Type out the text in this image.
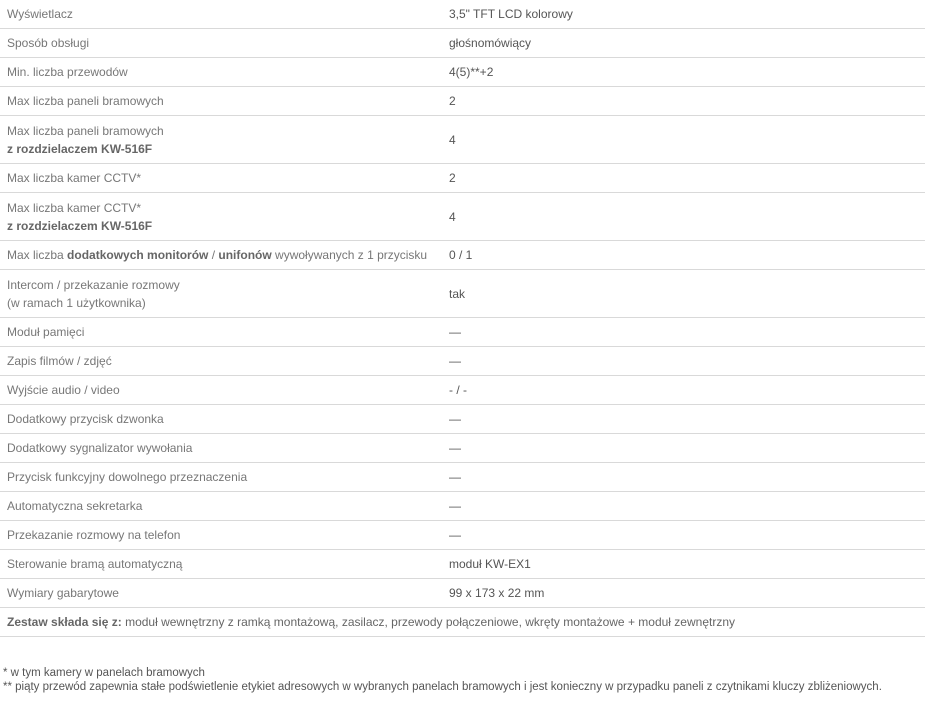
Wyświetlacz	3,5" TFT LCD kolorowy
Sposób obsługi	głośnomówiący
Min. liczba przewodów	4(5)**+2
Max liczba paneli bramowych	2
Max liczba paneli bramowych
z rozdzielaczem KW-516F	4
Max liczba kamer CCTV*	2
Max liczba kamer CCTV*
z rozdzielaczem KW-516F	4
Max liczba dodatkowych monitorów / unifonów wywoływanych z 1 przycisku	0 / 1
Intercom / przekazanie rozmowy
(w ramach 1 użytkownika)	tak
Moduł pamięci	—
Zapis filmów / zdjęć	—
Wyjście audio / video	- / -
Dodatkowy przycisk dzwonka	—
Dodatkowy sygnalizator wywołania	—
Przycisk funkcyjny dowolnego przeznaczenia	—
Automatyczna sekretarka	—
Przekazanie rozmowy na telefon	—
Sterowanie bramą automatyczną	moduł KW-EX1
Wymiary gabarytowe	99 x 173 x 22 mm
Zestaw składa się z: moduł wewnętrzny z ramką montażową, zasilacz, przewody połączeniowe, wkręty montażowe + moduł zewnętrzny	
* w tym kamery w panelach bramowych
** piąty przewód zapewnia stałe podświetlenie etykiet adresowych w wybranych panelach bramowych i jest konieczny w przypadku paneli z czytnikami kluczy zbliżeniowych.
